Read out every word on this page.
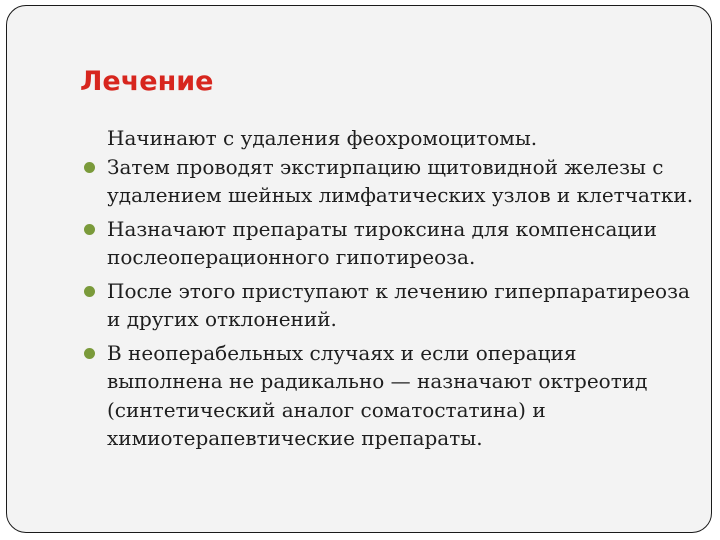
Лечение

Начинают с удаления феохромоцитомы.

Затем проводят экстирпацию щитовидной железы с удалением шейных лимфатических узлов и клетчатки.
Назначают препараты тироксина для компенсации послеоперационного гипотиреоза.
После этого приступают к лечению гиперпаратиреоза и других отклонений.
В неоперабельных случаях и если операция выполнена не радикально — назначают октреотид (синтетический аналог соматостатина) и химиотерапевтические препараты.
